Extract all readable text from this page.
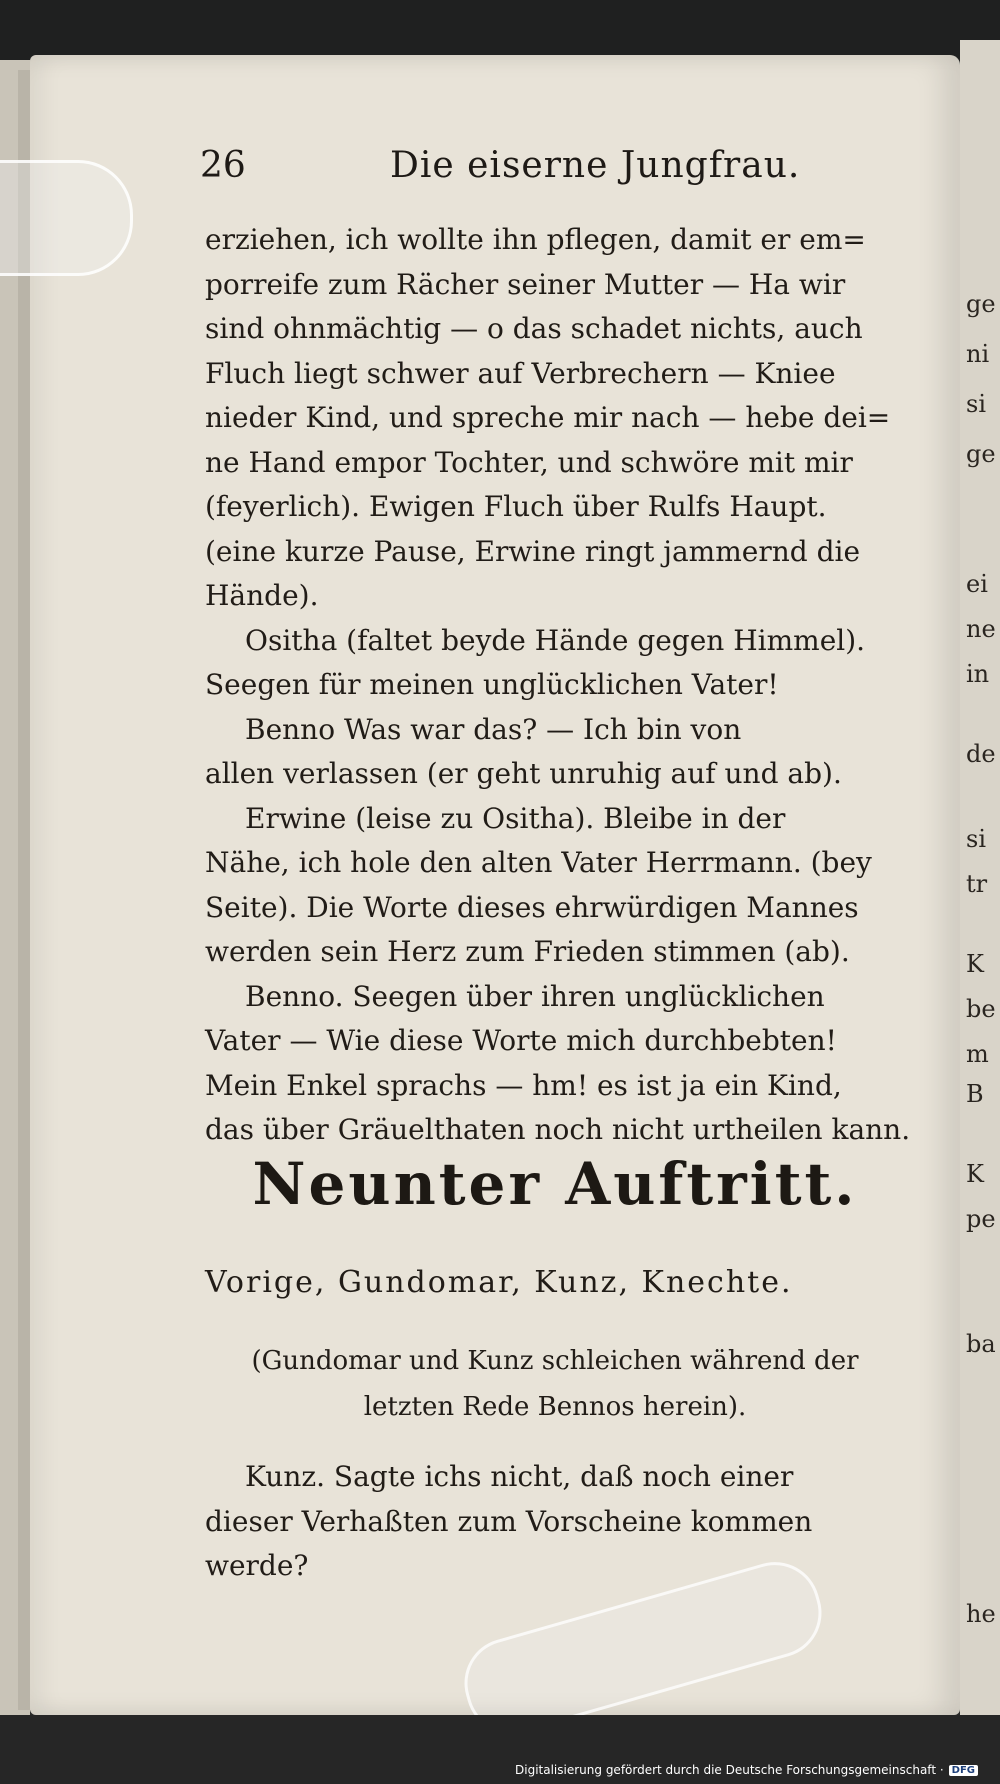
ge
ni
si
ge
ei
ne
in
de
si
tr
K
be
m
B
K
pe
ba
he
26	Die eiserne Jungfrau.
erziehen, ich wollte ihn pflegen, damit er em=
porreife zum Rächer seiner Mutter — Ha wir
sind ohnmächtig — o das schadet nichts, auch
Fluch liegt schwer auf Verbrechern — Kniee
nieder Kind, und spreche mir nach — hebe dei=
ne Hand empor Tochter, und schwöre mit mir
(feyerlich). Ewigen Fluch über Rulfs Haupt.
(eine kurze Pause, Erwine ringt jammernd die
Hände).
Ositha (faltet beyde Hände gegen Himmel).
Seegen für meinen unglücklichen Vater!
Benno Was war das? — Ich bin von
allen verlassen (er geht unruhig auf und ab).
Erwine (leise zu Ositha). Bleibe in der
Nähe, ich hole den alten Vater Herrmann. (bey
Seite). Die Worte dieses ehrwürdigen Mannes
werden sein Herz zum Frieden stimmen (ab).
Benno. Seegen über ihren unglücklichen
Vater — Wie diese Worte mich durchbebten!
Mein Enkel sprachs — hm! es ist ja ein Kind,
das über Gräuelthaten noch nicht urtheilen kann.
Neunter Auftritt.
Vorige, Gundomar, Kunz, Knechte.
(Gundomar und Kunz schleichen während der
letzten Rede Bennos herein).
Kunz. Sagte ichs nicht, daß noch einer
dieser Verhaßten zum Vorscheine kommen
werde?
Digitalisierung gefördert durch die Deutsche Forschungsgemeinschaft · DFG
